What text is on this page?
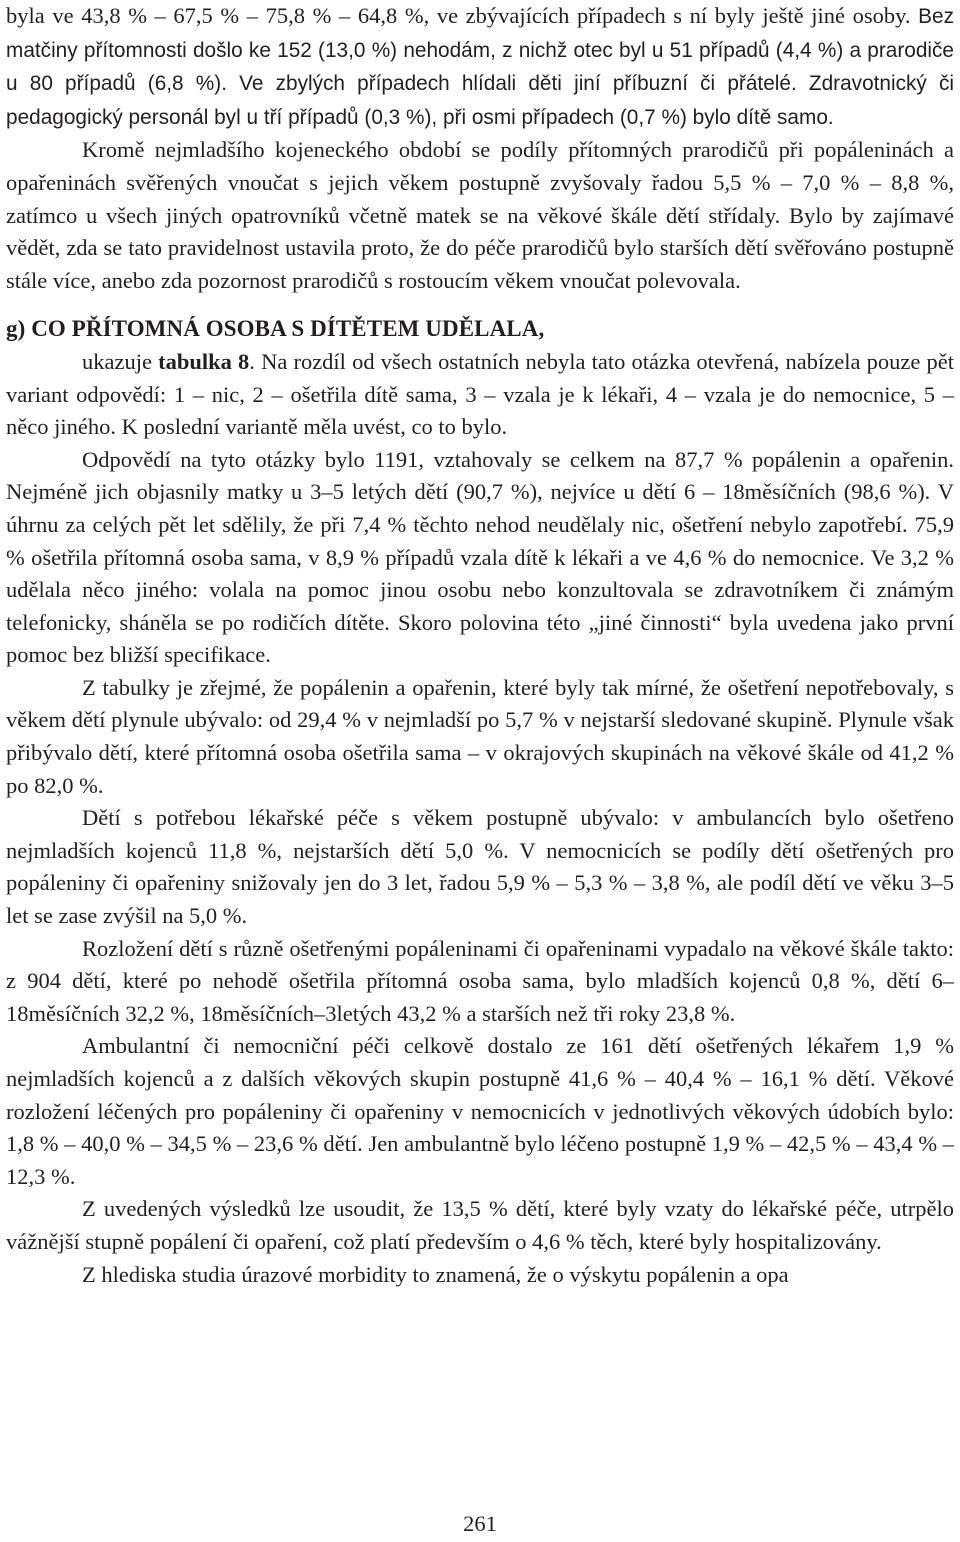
byla ve 43,8 % – 67,5 % – 75,8 % – 64,8 %, ve zbývajících případech s ní byly ještě jiné osoby. Bez matčiny přítomnosti došlo ke 152 (13,0 %) nehodám, z nichž otec byl u 51 případů (4,4 %) a prarodiče u 80 případů (6,8 %). Ve zbylých případech hlídali děti jiní příbuzní či přátelé. Zdravotnický či pedagogický personál byl u tří případů (0,3 %), při osmi případech (0,7 %) bylo dítě samo.

Kromě nejmladšího kojeneckého období se podíly přítomných prarodičů při popáleninách a opařeninách svěřených vnoučat s jejich věkem postupně zvyšovaly řadou 5,5 % – 7,0 % – 8,8 %, zatímco u všech jiných opatrovníků včetně matek se na věkové škále dětí střídaly. Bylo by zajímavé vědět, zda se tato pravidelnost ustavila proto, že do péče prarodičů bylo starších dětí svěřováno postupně stále více, anebo zda pozornost prarodičů s rostoucím věkem vnoučat polevovala.

g) CO PŘÍTOMNÁ OSOBA S DÍTĚTEM UDĚLALA,

ukazuje tabulka 8. Na rozdíl od všech ostatních nebyla tato otázka otevřená, nabízela pouze pět variant odpovědí: 1 – nic, 2 – ošetřila dítě sama, 3 – vzala je k lékaři, 4 – vzala je do nemocnice, 5 – něco jiného. K poslední variantě měla uvést, co to bylo.

Odpovědí na tyto otázky bylo 1191, vztahovaly se celkem na 87,7 % popálenin a opařenin. Nejméně jich objasnily matky u 3–5 letých dětí (90,7 %), nejvíce u dětí 6 – 18měsíčních (98,6 %). V úhrnu za celých pět let sdělily, že při 7,4 % těchto nehod neudělaly nic, ošetření nebylo zapotřebí. 75,9 % ošetřila přítomná osoba sama, v 8,9 % případů vzala dítě k lékaři a ve 4,6 % do nemocnice. Ve 3,2 % udělala něco jiného: volala na pomoc jinou osobu nebo konzultovala se zdravotníkem či známým telefonicky, sháněla se po rodičích dítěte. Skoro polovina této „jiné činnosti“ byla uvedena jako první pomoc bez bližší specifikace.

Z tabulky je zřejmé, že popálenin a opařenin, které byly tak mírné, že ošetření nepotřebovaly, s věkem dětí plynule ubývalo: od 29,4 % v nejmladší po 5,7 % v nejstarší sledované skupině. Plynule však přibývalo dětí, které přítomná osoba ošetřila sama – v okrajových skupinách na věkové škále od 41,2 % po 82,0 %.

Dětí s potřebou lékařské péče s věkem postupně ubývalo: v ambulancích bylo ošetřeno nejmladších kojenců 11,8 %, nejstarších dětí 5,0 %. V nemocnicích se podíly dětí ošetřených pro popáleniny či opařeniny snižovaly jen do 3 let, řadou 5,9 % – 5,3 % – 3,8 %, ale podíl dětí ve věku 3–5 let se zase zvýšil na 5,0 %.

Rozložení dětí s různě ošetřenými popáleninami či opařeninami vypadalo na věkové škále takto: z 904 dětí, které po nehodě ošetřila přítomná osoba sama, bylo mladších kojenců 0,8 %, dětí 6–18měsíčních 32,2 %, 18měsíčních–3letých 43,2 % a starších než tři roky 23,8 %.

Ambulantní či nemocniční péči celkově dostalo ze 161 dětí ošetřených lékařem 1,9 % nejmladších kojenců a z dalších věkových skupin postupně 41,6 % – 40,4 % – 16,1 % dětí. Věkové rozložení léčených pro popáleniny či opařeniny v nemocnicích v jednotlivých věkových údobích bylo: 1,8 % – 40,0 % – 34,5 % – 23,6 % dětí. Jen ambulantně bylo léčeno postupně 1,9 % – 42,5 % – 43,4 % – 12,3 %.

Z uvedených výsledků lze usoudit, že 13,5 % dětí, které byly vzaty do lékařské péče, utrpělo vážnější stupně popálení či opaření, což platí především o 4,6 % těch, které byly hospitalizovány.

Z hlediska studia úrazové morbidity to znamená, že o výskytu popálenin a opa

261
